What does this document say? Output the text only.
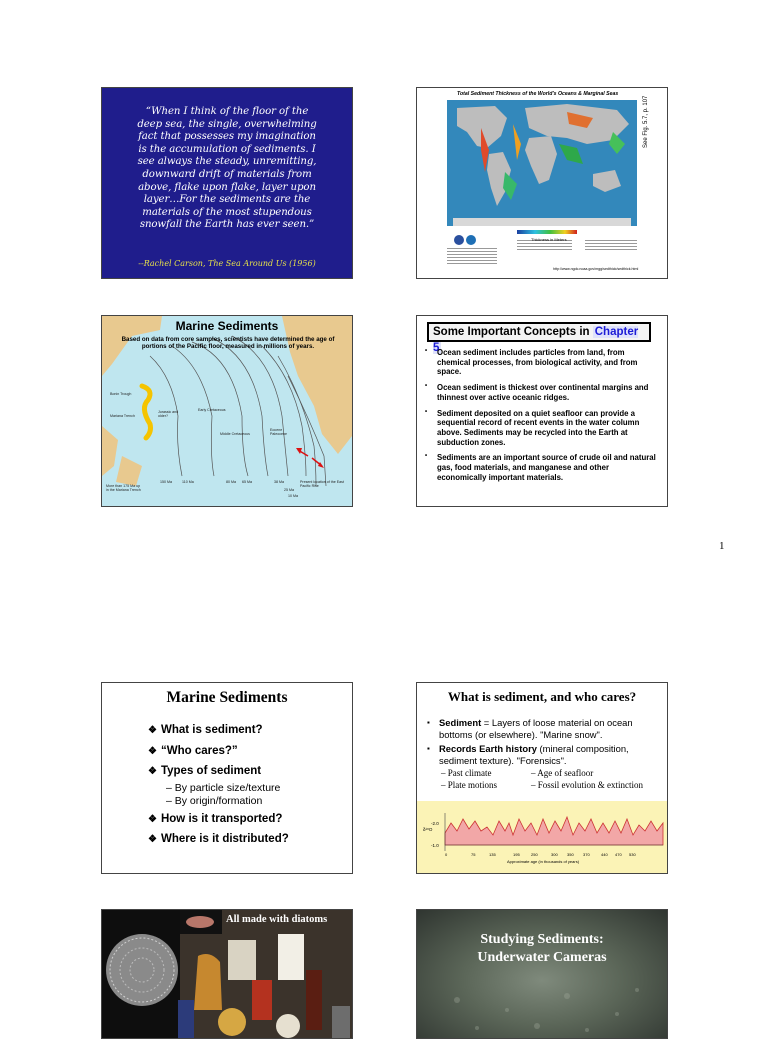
“When I think of the floor of the
deep sea, the single, overwhelming
fact that possesses my imagination
is the accumulation of sediments. I
see always the steady, unremitting,
downward drift of materials from
above, flake upon flake, layer upon
layer…For the sediments are the
materials of the most stupendous
snowfall the Earth has ever seen.”
--Rachel Carson, The Sea Around Us (1956)
Total Sediment Thickness of the World's Oceans & Marginal Seas
Thickness in Meters
http://www.ngdc.noaa.gov/mgg/sedthick/sedthick.html
See Fig. 5.7, p. 107
Marine Sediments
Based on data from core samples, scientists have determined the age of portions of the Pacific floor, measured in millions of years.
Bonin Trough
Mariana Trench
Jurassic and older?
Early Cretaceous
Middle Cretaceous
Eocene Paleocene
More than 175 Ma up in the Mariana Trench
150 Ma	110 Ma	80 Ma 65 Ma	38 Ma
25 Ma
10 Ma
Present location of the East Pacific Rise
Some Important Concepts in Chapter 5
• Ocean sediment includes particles from land, from chemical processes, from biological activity, and from space.
• Ocean sediment is thickest over continental margins and thinnest over active oceanic ridges.
• Sediment deposited on a quiet seafloor can provide a sequential record of recent events in the water column above. Sediments may be recycled into the Earth at subduction zones.
• Sediments are an important source of crude oil and natural gas, food materials, and manganese and other economically important materials.
1
Marine Sediments
❖ What is sediment?
❖ “Who cares?”
❖ Types of sediment
– By particle size/texture
– By origin/formation
❖ How is it transported?
❖ Where is it distributed?
What is sediment, and who cares?
▪ Sediment = Layers of loose material on ocean bottoms (or elsewhere). "Marine snow".
▪ Records Earth history (mineral composition, sediment texture). "Forensics".
– Past climate	– Age of seafloor
– Plate motions	– Fossil evolution & extinction
δ¹⁸O
-2.0
-1.0
0	75	135	195	250	300 350 370	440 470 530
Approximate age (in thousands of years)
All made with diatoms
Studying Sediments:
Underwater Cameras
